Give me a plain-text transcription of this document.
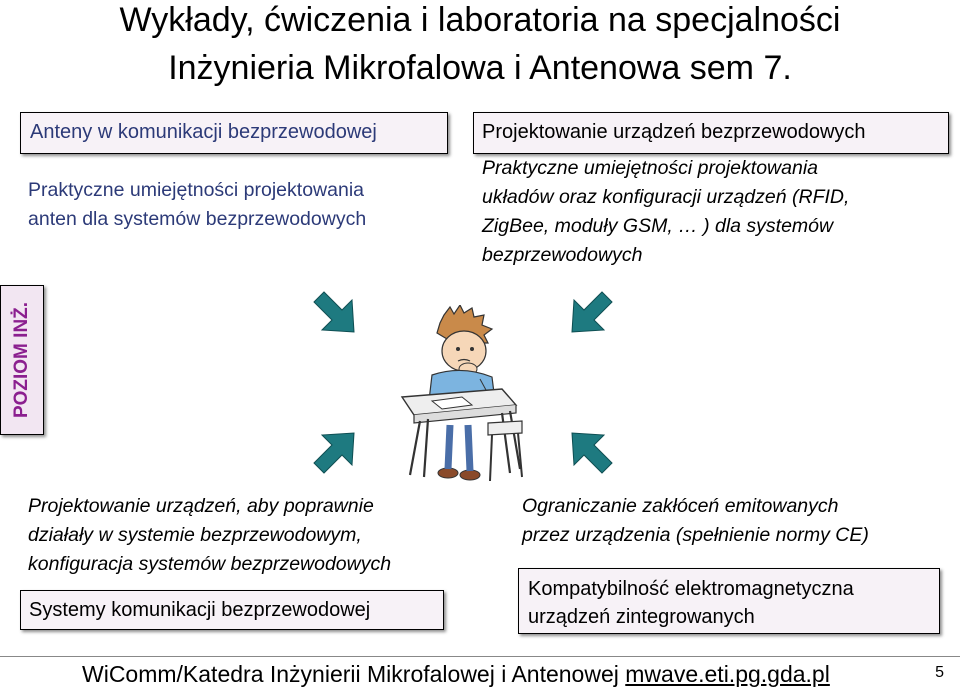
Wykłady, ćwiczenia i laboratoria na specjalności
Inżynieria Mikrofalowa i Antenowa sem 7.
Anteny w komunikacji bezprzewodowej
Praktyczne umiejętności projektowania
anten dla systemów bezprzewodowych
Projektowanie urządzeń bezprzewodowych
Praktyczne umiejętności projektowania
układów oraz konfiguracji urządzeń (RFID,
ZigBee, moduły GSM, … ) dla systemów
bezprzewodowych
POZIOM INŻ.
Projektowanie urządzeń, aby poprawnie
działały w systemie bezprzewodowym,
konfiguracja systemów bezprzewodowych
Systemy komunikacji bezprzewodowej
Ograniczanie zakłóceń emitowanych
przez urządzenia (spełnienie normy CE)
Kompatybilność elektromagnetyczna
urządzeń zintegrowanych
WiComm/Katedra Inżynierii Mikrofalowej i Antenowej mwave.eti.pg.gda.pl	5
